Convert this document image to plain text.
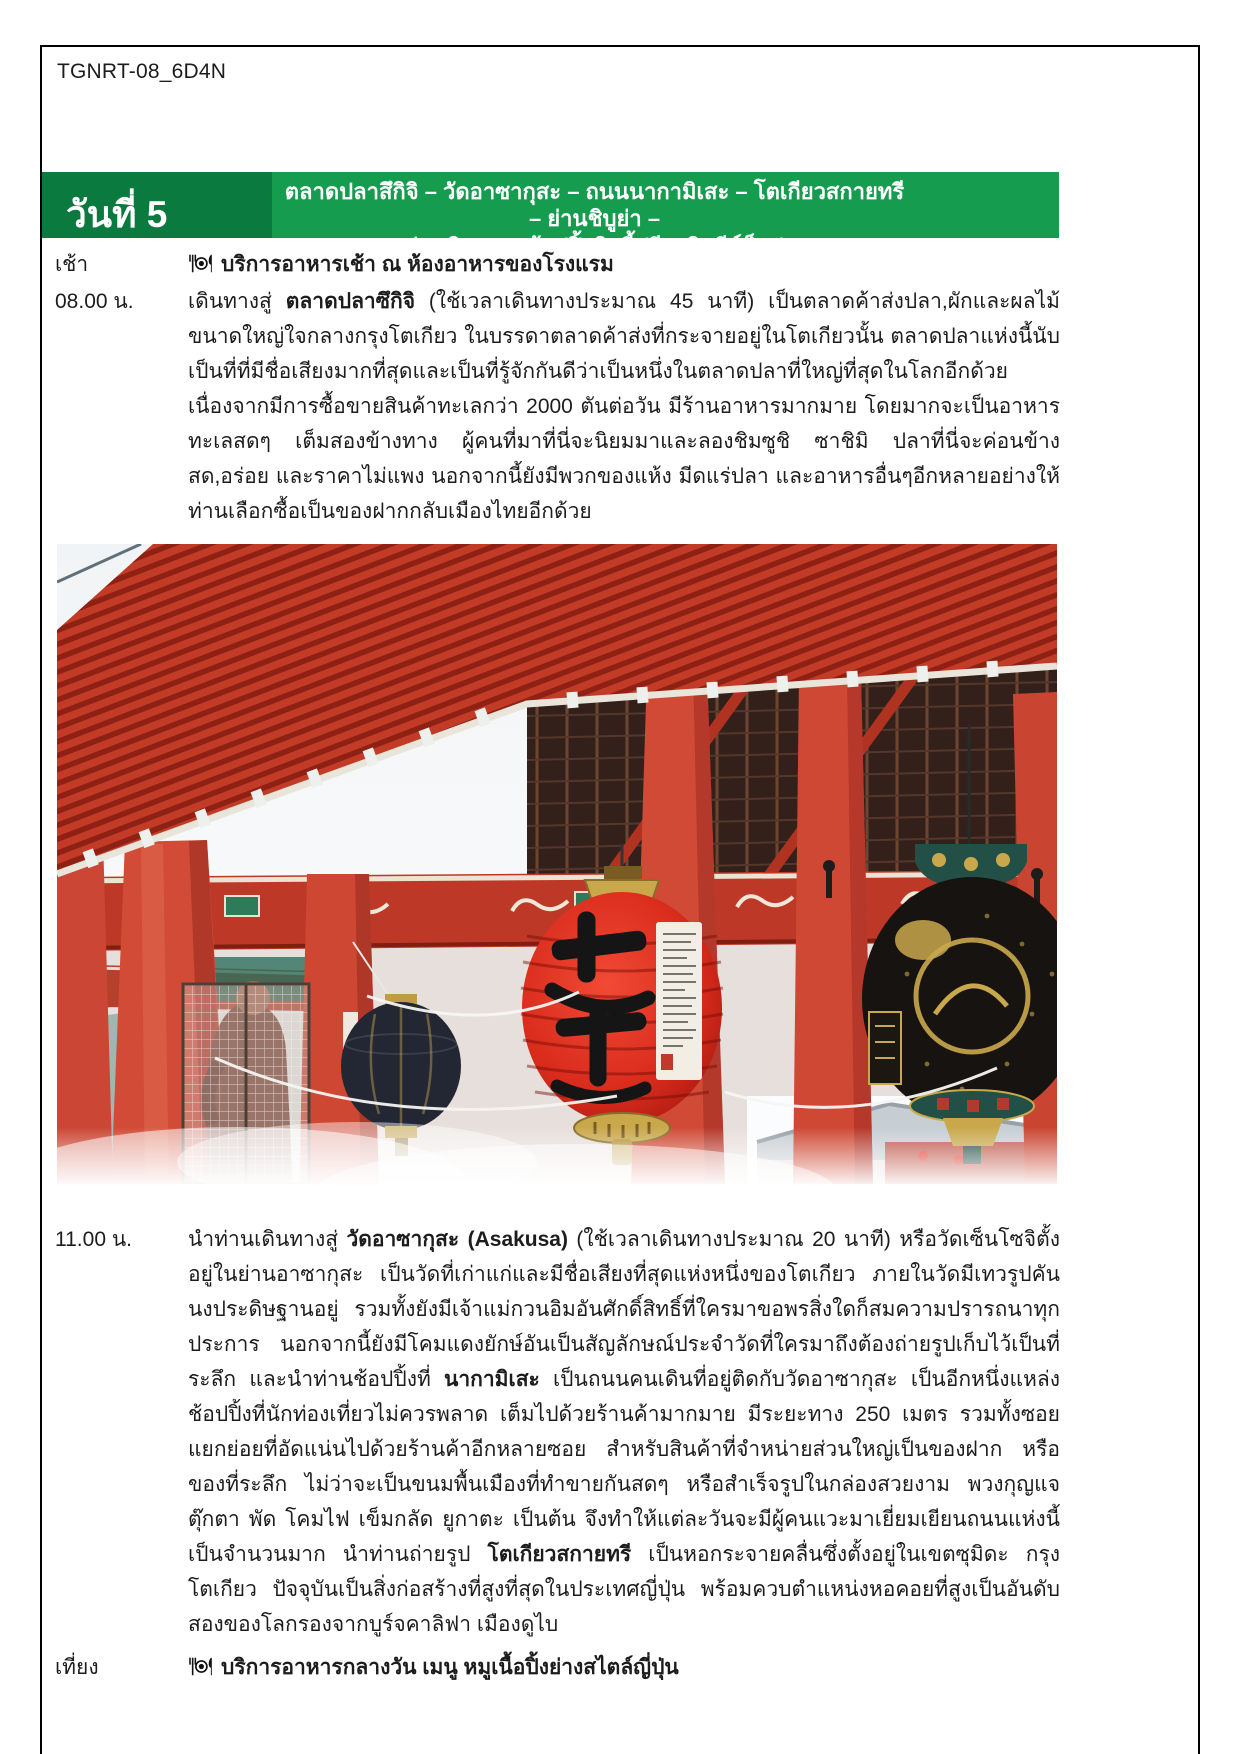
TGNRT-08_6D4N
วันที่ 5
ตลาดปลาสึกิจิ – วัดอาซากุสะ – ถนนนากามิเสะ – โตเกียวสกายทรี – ย่านชิบูย่า –
ย่านชินจูกุ – ช้อปปิ้งดิวตี้ฟรี – ดิสนีย์ช็อป
เช้า	บริการอาหารเช้า ณ ห้องอาหารของโรงแรม
08.00 น.	เดินทางสู่ ตลาดปลาซึกิจิ (ใช้เวลาเดินทางประมาณ 45 นาที) เป็นตลาดค้าส่งปลา,ผักและผลไม้ขนาดใหญ่ใจกลางกรุงโตเกียว ในบรรดาตลาดค้าส่งที่กระจายอยู่ในโตเกียวนั้น ตลาดปลาแห่งนี้นับเป็นที่ที่มีชื่อเสียงมากที่สุดและเป็นที่รู้จักกันดีว่าเป็นหนึ่งในตลาดปลาที่ใหญ่ที่สุดในโลกอีกด้วย เนื่องจากมีการซื้อขายสินค้าทะเลกว่า 2000 ตันต่อวัน มีร้านอาหารมากมาย โดยมากจะเป็นอาหารทะเลสดๆ เต็มสองข้างทาง ผู้คนที่มาที่นี่จะนิยมมาและลองชิมซูชิ ซาชิมิ ปลาที่นี่จะค่อนข้างสด,อร่อย และราคาไม่แพง นอกจากนี้ยังมีพวกของแห้ง มีดแร่ปลา และอาหารอื่นๆอีกหลายอย่างให้ท่านเลือกซื้อเป็นของฝากกลับเมืองไทยอีกด้วย
11.00 น.	นำท่านเดินทางสู่ วัดอาซากุสะ (Asakusa) (ใช้เวลาเดินทางประมาณ 20 นาที) หรือวัดเซ็นโซจิตั้งอยู่ในย่านอาซากุสะ เป็นวัดที่เก่าแก่และมีชื่อเสียงที่สุดแห่งหนึ่งของโตเกียว ภายในวัดมีเทวรูปคันนงประดิษฐานอยู่ รวมทั้งยังมีเจ้าแม่กวนอิมอันศักดิ์สิทธิ์ที่ใครมาขอพรสิ่งใดก็สมความปรารถนาทุกประการ นอกจากนี้ยังมีโคมแดงยักษ์อันเป็นสัญลักษณ์ประจำวัดที่ใครมาถึงต้องถ่ายรูปเก็บไว้เป็นที่ระลึก และนำท่านช้อปปิ้งที่ นากามิเสะ เป็นถนนคนเดินที่อยู่ติดกับวัดอาซากุสะ เป็นอีกหนึ่งแหล่งช้อปปิ้งที่นักท่องเที่ยวไม่ควรพลาด เต็มไปด้วยร้านค้ามากมาย มีระยะทาง 250 เมตร รวมทั้งซอยแยกย่อยที่อัดแน่นไปด้วยร้านค้าอีกหลายซอย สำหรับสินค้าที่จำหน่ายส่วนใหญ่เป็นของฝาก หรือของที่ระลึก ไม่ว่าจะเป็นขนมพื้นเมืองที่ทำขายกันสดๆ หรือสำเร็จรูปในกล่องสวยงาม พวงกุญแจ ตุ๊กตา พัด โคมไฟ เข็มกลัด ยูกาตะ เป็นต้น จึงทำให้แต่ละวันจะมีผู้คนแวะมาเยี่ยมเยียนถนนแห่งนี้เป็นจำนวนมาก นำท่านถ่ายรูป โตเกียวสกายทรี เป็นหอกระจายคลื่นซึ่งตั้งอยู่ในเขตซุมิดะ กรุงโตเกียว ปัจจุบันเป็นสิ่งก่อสร้างที่สูงที่สุดในประเทศญี่ปุ่น พร้อมควบตำแหน่งหอคอยที่สูงเป็นอันดับสองของโลกรองจากบูร์จคาลิฟา เมืองดูไบ
เที่ยง	บริการอาหารกลางวัน เมนู หมูเนื้อปิ้งย่างสไตล์ญี่ปุ่น
